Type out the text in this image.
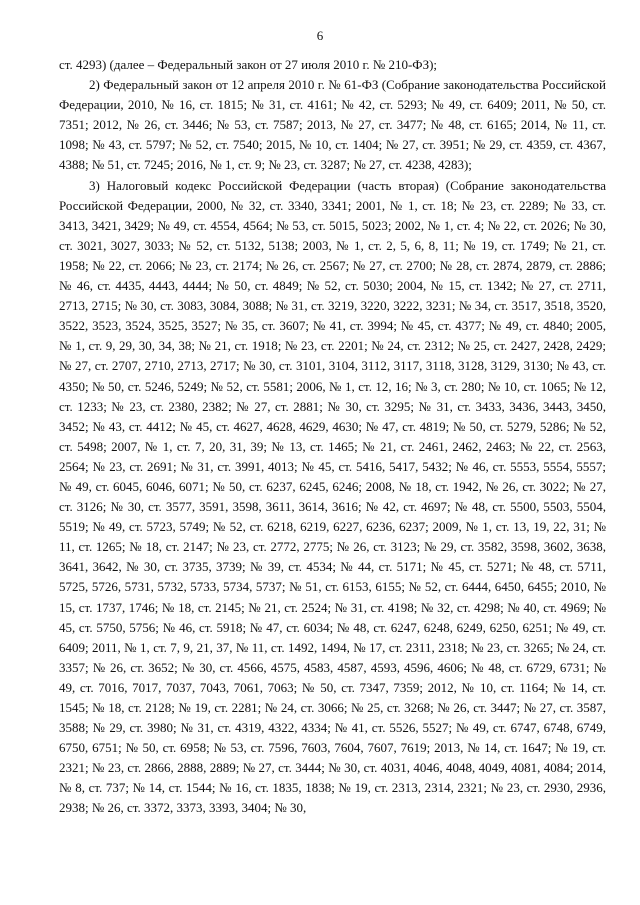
6

ст. 4293) (далее – Федеральный закон от 27 июля 2010 г. № 210-ФЗ);

2) Федеральный закон от 12 апреля 2010 г. № 61-ФЗ (Собрание законодательства Российской Федерации, 2010, № 16, ст. 1815; № 31, ст. 4161; № 42, ст. 5293; № 49, ст. 6409; 2011, № 50, ст. 7351; 2012, № 26, ст. 3446; № 53, ст. 7587; 2013, № 27, ст. 3477; № 48, ст. 6165; 2014, № 11, ст. 1098; № 43, ст. 5797; № 52, ст. 7540; 2015, № 10, ст. 1404; № 27, ст. 3951; № 29, ст. 4359, ст. 4367, 4388; № 51, ст. 7245; 2016, № 1, ст. 9; № 23, ст. 3287; № 27, ст. 4238, 4283);

3) Налоговый кодекс Российской Федерации (часть вторая) (Собрание законодательства Российской Федерации, 2000, № 32, ст. 3340, 3341; 2001, № 1, ст. 18; № 23, ст. 2289; № 33, ст. 3413, 3421, 3429; № 49, ст. 4554, 4564; № 53, ст. 5015, 5023; 2002, № 1, ст. 4; № 22, ст. 2026; № 30, ст. 3021, 3027, 3033; № 52, ст. 5132, 5138; 2003, № 1, ст. 2, 5, 6, 8, 11; № 19, ст. 1749; № 21, ст. 1958; № 22, ст. 2066; № 23, ст. 2174; № 26, ст. 2567; № 27, ст. 2700; № 28, ст. 2874, 2879, ст. 2886; № 46, ст. 4435, 4443, 4444; № 50, ст. 4849; № 52, ст. 5030; 2004, № 15, ст. 1342; № 27, ст. 2711, 2713, 2715; № 30, ст. 3083, 3084, 3088; № 31, ст. 3219, 3220, 3222, 3231; № 34, ст. 3517, 3518, 3520, 3522, 3523, 3524, 3525, 3527; № 35, ст. 3607; № 41, ст. 3994; № 45, ст. 4377; № 49, ст. 4840; 2005, № 1, ст. 9, 29, 30, 34, 38; № 21, ст. 1918; № 23, ст. 2201; № 24, ст. 2312; № 25, ст. 2427, 2428, 2429; № 27, ст. 2707, 2710, 2713, 2717; № 30, ст. 3101, 3104, 3112, 3117, 3118, 3128, 3129, 3130; № 43, ст. 4350; № 50, ст. 5246, 5249; № 52, ст. 5581; 2006, № 1, ст. 12, 16; № 3, ст. 280; № 10, ст. 1065; № 12, ст. 1233; № 23, ст. 2380, 2382; № 27, ст. 2881; № 30, ст. 3295; № 31, ст. 3433, 3436, 3443, 3450, 3452; № 43, ст. 4412; № 45, ст. 4627, 4628, 4629, 4630; № 47, ст. 4819; № 50, ст. 5279, 5286; № 52, ст. 5498; 2007, № 1, ст. 7, 20, 31, 39; № 13, ст. 1465; № 21, ст. 2461, 2462, 2463; № 22, ст. 2563, 2564; № 23, ст. 2691; № 31, ст. 3991, 4013; № 45, ст. 5416, 5417, 5432; № 46, ст. 5553, 5554, 5557; № 49, ст. 6045, 6046, 6071; № 50, ст. 6237, 6245, 6246; 2008, № 18, ст. 1942, № 26, ст. 3022; № 27, ст. 3126; № 30, ст. 3577, 3591, 3598, 3611, 3614, 3616; № 42, ст. 4697; № 48, ст. 5500, 5503, 5504, 5519; № 49, ст. 5723, 5749; № 52, ст. 6218, 6219, 6227, 6236, 6237; 2009, № 1, ст. 13, 19, 22, 31; № 11, ст. 1265; № 18, ст. 2147; № 23, ст. 2772, 2775; № 26, ст. 3123; № 29, ст. 3582, 3598, 3602, 3638, 3641, 3642, № 30, ст. 3735, 3739; № 39, ст. 4534; № 44, ст. 5171; № 45, ст. 5271; № 48, ст. 5711, 5725, 5726, 5731, 5732, 5733, 5734, 5737; № 51, ст. 6153, 6155; № 52, ст. 6444, 6450, 6455; 2010, № 15, ст. 1737, 1746; № 18, ст. 2145; № 21, ст. 2524; № 31, ст. 4198; № 32, ст. 4298; № 40, ст. 4969; № 45, ст. 5750, 5756; № 46, ст. 5918; № 47, ст. 6034; № 48, ст. 6247, 6248, 6249, 6250, 6251; № 49, ст. 6409; 2011, № 1, ст. 7, 9, 21, 37, № 11, ст. 1492, 1494, № 17, ст. 2311, 2318; № 23, ст. 3265; № 24, ст. 3357; № 26, ст. 3652; № 30, ст. 4566, 4575, 4583, 4587, 4593, 4596, 4606; № 48, ст. 6729, 6731; № 49, ст. 7016, 7017, 7037, 7043, 7061, 7063; № 50, ст. 7347, 7359; 2012, № 10, ст. 1164; № 14, ст. 1545; № 18, ст. 2128; № 19, ст. 2281; № 24, ст. 3066; № 25, ст. 3268; № 26, ст. 3447; № 27, ст. 3587, 3588; № 29, ст. 3980; № 31, ст. 4319, 4322, 4334; № 41, ст. 5526, 5527; № 49, ст. 6747, 6748, 6749, 6750, 6751; № 50, ст. 6958; № 53, ст. 7596, 7603, 7604, 7607, 7619; 2013, № 14, ст. 1647; № 19, ст. 2321; № 23, ст. 2866, 2888, 2889; № 27, ст. 3444; № 30, ст. 4031, 4046, 4048, 4049, 4081, 4084; 2014, № 8, ст. 737; № 14, ст. 1544; № 16, ст. 1835, 1838; № 19, ст. 2313, 2314, 2321; № 23, ст. 2930, 2936, 2938; № 26, ст. 3372, 3373, 3393, 3404; № 30,
